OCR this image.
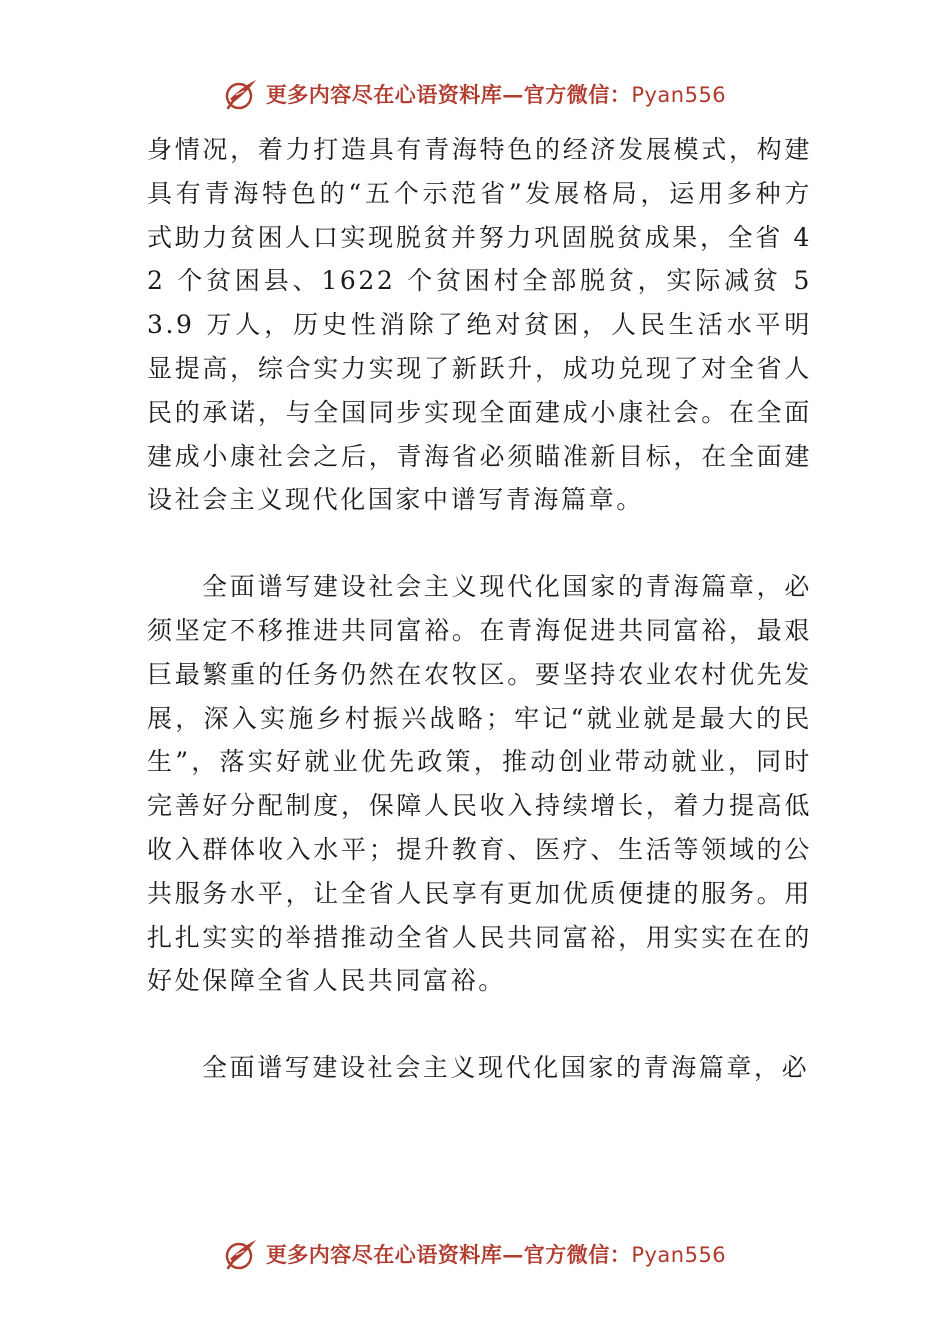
更多内容尽在心语资料库—官方微信：Pyan556

身情况，着力打造具有青海特色的经济发展模式，构建具有青海特色的“五个示范省”发展格局，运用多种方式助力贫困人口实现脱贫并努力巩固脱贫成果，全省 42 个贫困县、1622 个贫困村全部脱贫，实际减贫 53.9 万人，历史性消除了绝对贫困，人民生活水平明显提高，综合实力实现了新跃升，成功兑现了对全省人民的承诺，与全国同步实现全面建成小康社会。在全面建成小康社会之后，青海省必须瞄准新目标，在全面建设社会主义现代化国家中谱写青海篇章。

全面谱写建设社会主义现代化国家的青海篇章，必须坚定不移推进共同富裕。在青海促进共同富裕，最艰巨最繁重的任务仍然在农牧区。要坚持农业农村优先发展，深入实施乡村振兴战略；牢记“就业就是最大的民生”，落实好就业优先政策，推动创业带动就业，同时完善好分配制度，保障人民收入持续增长，着力提高低收入群体收入水平；提升教育、医疗、生活等领域的公共服务水平，让全省人民享有更加优质便捷的服务。用扎扎实实的举措推动全省人民共同富裕，用实实在在的好处保障全省人民共同富裕。

全面谱写建设社会主义现代化国家的青海篇章，必

更多内容尽在心语资料库—官方微信：Pyan556
